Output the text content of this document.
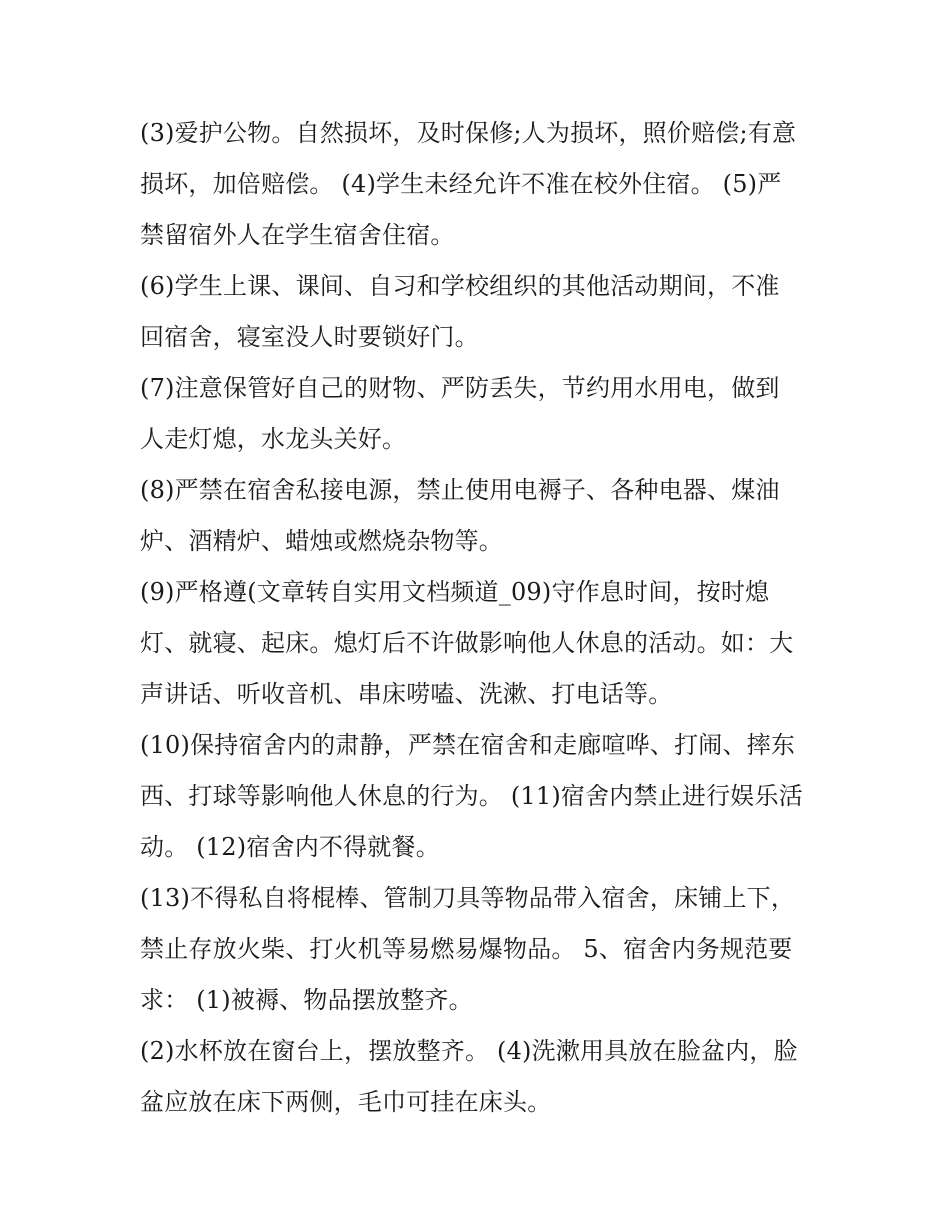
(3)爱护公物。自然损坏，及时保修;人为损坏，照价赔偿;有意
损坏，加倍赔偿。 (4)学生未经允许不准在校外住宿。 (5)严
禁留宿外人在学生宿舍住宿。

(6)学生上课、课间、自习和学校组织的其他活动期间，不准
回宿舍，寝室没人时要锁好门。

(7)注意保管好自己的财物、严防丢失，节约用水用电，做到
人走灯熄，水龙头关好。

(8)严禁在宿舍私接电源，禁止使用电褥子、各种电器、煤油
炉、酒精炉、蜡烛或燃烧杂物等。

(9)严格遵(文章转自实用文档频道_09)守作息时间，按时熄
灯、就寝、起床。熄灯后不许做影响他人休息的活动。如：大
声讲话、听收音机、串床唠嗑、洗漱、打电话等。

(10)保持宿舍内的肃静，严禁在宿舍和走廊喧哗、打闹、摔东
西、打球等影响他人休息的行为。 (11)宿舍内禁止进行娱乐活
动。 (12)宿舍内不得就餐。

(13)不得私自将棍棒、管制刀具等物品带入宿舍，床铺上下，
禁止存放火柴、打火机等易燃易爆物品。 5、宿舍内务规范要
求： (1)被褥、物品摆放整齐。

(2)水杯放在窗台上，摆放整齐。 (4)洗漱用具放在脸盆内，脸
盆应放在床下两侧，毛巾可挂在床头。
